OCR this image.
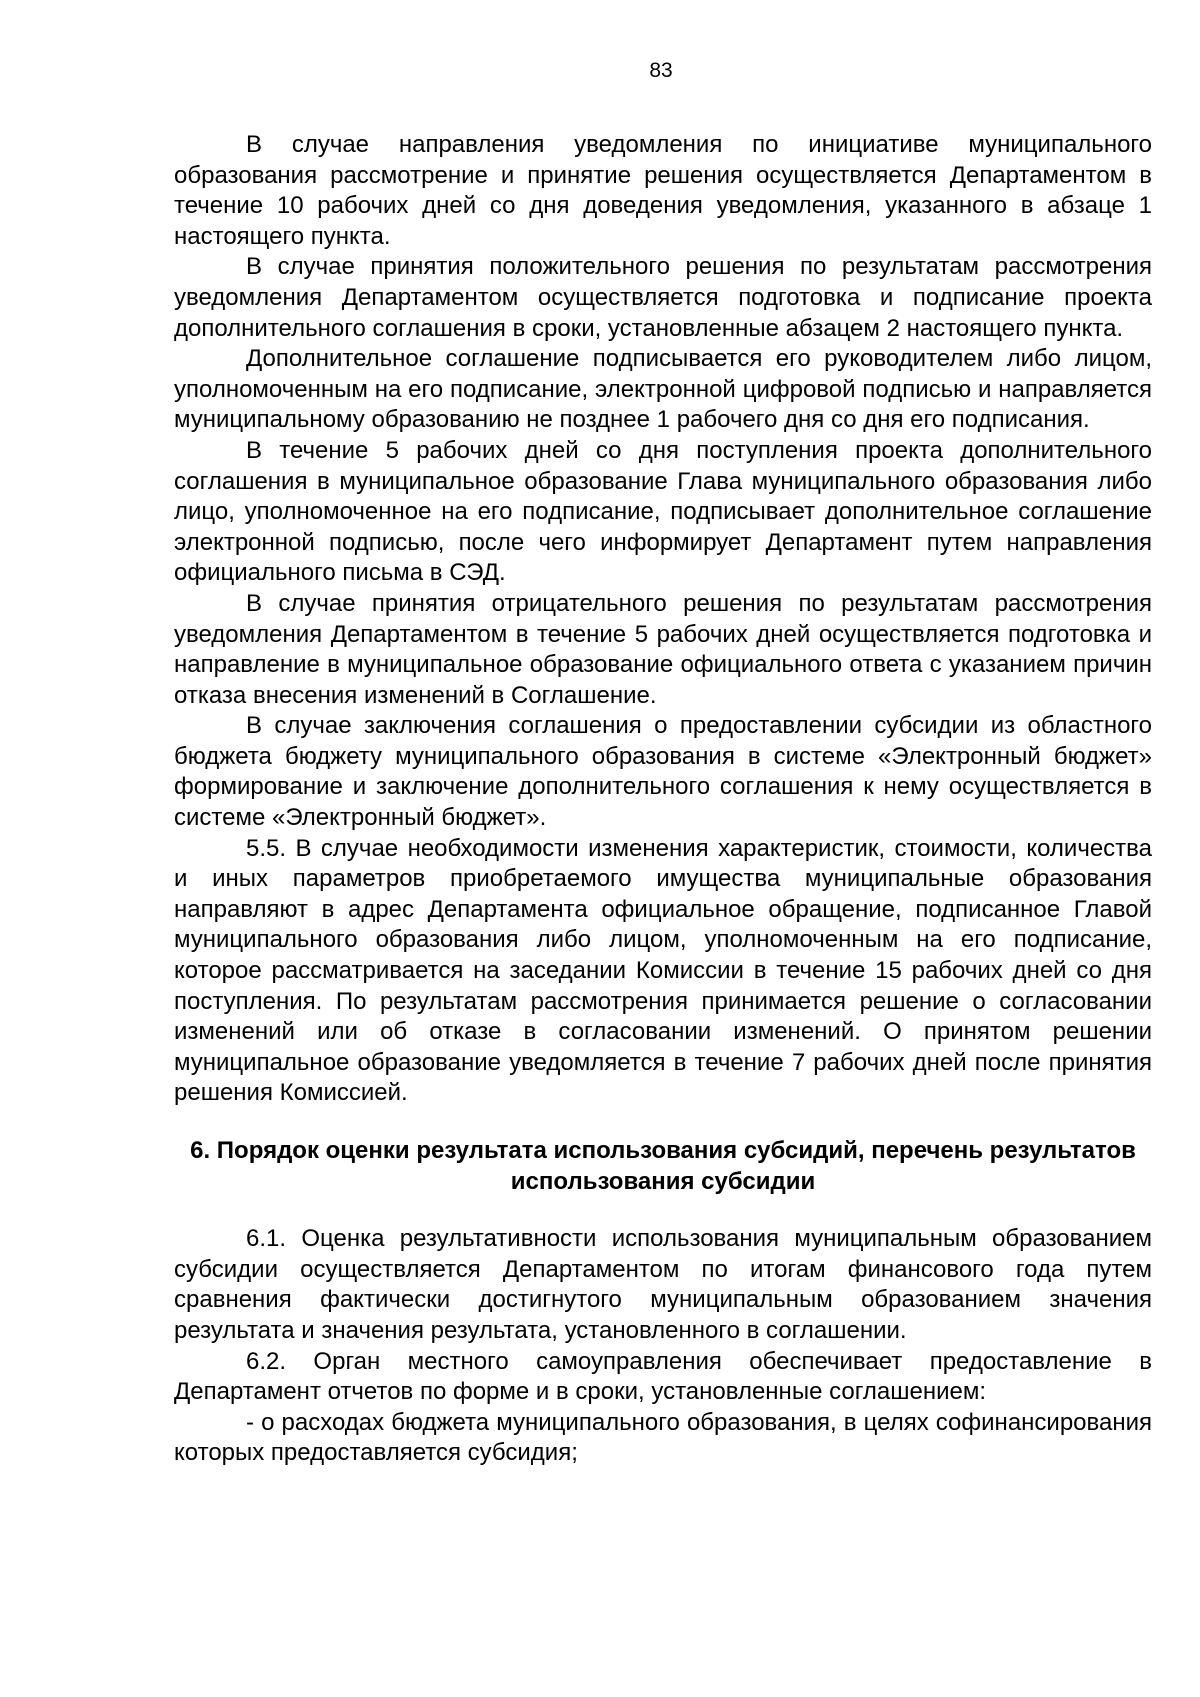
83

В случае направления уведомления по инициативе муниципального образования рассмотрение и принятие решения осуществляется Департаментом в течение 10 рабочих дней со дня доведения уведомления, указанного в абзаце 1 настоящего пункта.

В случае принятия положительного решения по результатам рассмотрения уведомления Департаментом осуществляется подготовка и подписание проекта дополнительного соглашения в сроки, установленные абзацем 2 настоящего пункта.

Дополнительное соглашение подписывается его руководителем либо лицом, уполномоченным на его подписание, электронной цифровой подписью и направляется муниципальному образованию не позднее 1 рабочего дня со дня его подписания.

В течение 5 рабочих дней со дня поступления проекта дополнительного соглашения в муниципальное образование Глава муниципального образования либо лицо, уполномоченное на его подписание, подписывает дополнительное соглашение электронной подписью, после чего информирует Департамент путем направления официального письма в СЭД.

В случае принятия отрицательного решения по результатам рассмотрения уведомления Департаментом в течение 5 рабочих дней осуществляется подготовка и направление в муниципальное образование официального ответа с указанием причин отказа внесения изменений в Соглашение.

В случае заключения соглашения о предоставлении субсидии из областного бюджета бюджету муниципального образования в системе «Электронный бюджет» формирование и заключение дополнительного соглашения к нему осуществляется в системе «Электронный бюджет».

5.5. В случае необходимости изменения характеристик, стоимости, количества и иных параметров приобретаемого имущества муниципальные образования направляют в адрес Департамента официальное обращение, подписанное Главой муниципального образования либо лицом, уполномоченным на его подписание, которое рассматривается на заседании Комиссии в течение 15 рабочих дней со дня поступления. По результатам рассмотрения принимается решение о согласовании изменений или об отказе в согласовании изменений. О принятом решении муниципальное образование уведомляется в течение 7 рабочих дней после принятия решения Комиссией.

6. Порядок оценки результата использования субсидий, перечень результатов использования субсидии

6.1. Оценка результативности использования муниципальным образованием субсидии осуществляется Департаментом по итогам финансового года путем сравнения фактически достигнутого муниципальным образованием значения результата и значения результата, установленного в соглашении.

6.2. Орган местного самоуправления обеспечивает предоставление в Департамент отчетов по форме и в сроки, установленные соглашением:

- о расходах бюджета муниципального образования, в целях софинансирования которых предоставляется субсидия;
